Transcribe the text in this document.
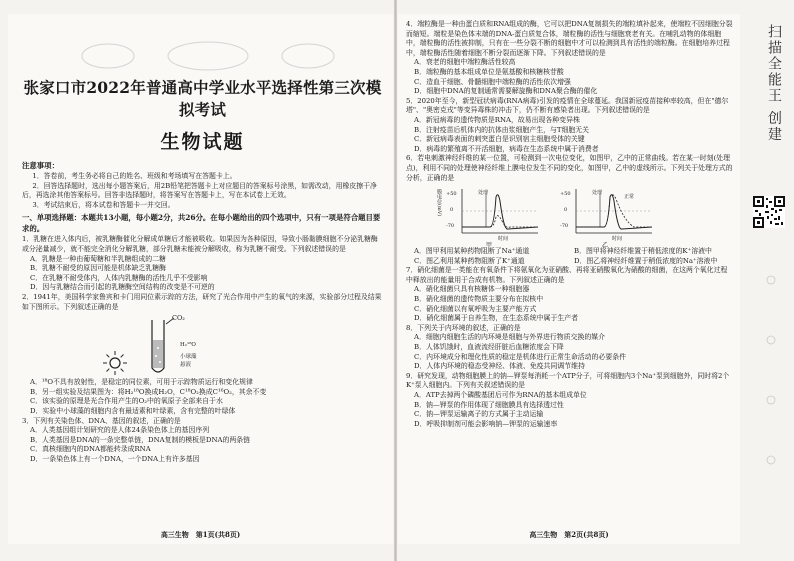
张家口市2022年普通高中学业水平选择性第三次模拟考试
生物试题
注意事项：

1．答卷前，考生务必将自己的姓名、班级和考场填写在答题卡上。

2．回答选择题时，选出每小题答案后，用2B铅笔把答题卡上对应题目的答案标号涂黑，如需改动，用橡皮擦干净后，再选涂其他答案标号。回答非选择题时，将答案写在答题卡上，写在本试卷上无效。

3．考试结束后，将本试卷和答题卡一并交回。

一、单项选择题：本题共13小题，每小题2分，共26分。在每小题给出的四个选项中，只有一项是符合题目要求的。

1．乳糖在进入体内后，被乳糖酶催化分解成单糖后才能被吸收。如果因为各种原因，导致小肠黏膜细胞不分泌乳糖酶或分泌量减少，就不能完全消化分解乳糖，部分乳糖未能被分解吸收，称为乳糖不耐受。下列叙述错误的是

A．乳糖是一种由葡萄糖和半乳糖组成的二糖

B．乳糖不耐受的原因可能是机体缺乏乳糖酶

C．在乳糖不耐受体内，人体内乳糖酶的活性几乎不受影响

D．因与乳糖结合而引起的乳糖酶空间结构的改变是不可逆的

2．1941年，美国科学家鲁宾和卡门用同位素示踪的方法，研究了光合作用中产生的氧气的来源，实验部分过程及结果如下图所示。下列叙述正确的是

CO₂
H₂¹⁸O
小球藻
悬液

A．¹⁸O不具有放射性，是稳定的同位素，可用于示踪物质运行和变化规律

B．另一组实验及结果图为：将H₂¹⁸O换成H₂O，C¹⁸O₂换成C¹⁶O₂，其余不变

C．该实验的原理是光合作用产生的O₂中的氧原子全部来自于水

D．实验中小球藻的细胞内含有最适素和叶绿素，含有完整的叶绿体

3．下列有关染色体、DNA、基因的叙述，正确的是

A．人类基因组计划研究的是人体24条染色体上的基因序列

B．人类基因是DNA的一条完整单链，DNA复制的模板是DNA的两条链

C．真核细胞内的DNA都能转录成RNA

D．一条染色体上有一个DNA，一个DNA上有许多基因

高三生物　第1页(共8页)

4．端粒酶是一种由蛋白质和RNA组成的酶，它可以把DNA复制损失的端粒填补起来，使端粒不因细胞分裂而缩短。端粒是染色体末端的DNA-蛋白质复合体，端粒酶的活性与细胞衰老有关。在哺乳动物的体细胞中，端粒酶的活性被抑制，只有在一些分裂不断的细胞中才可以检测到具有活性的端粒酶。在细胞培养过程中，端粒酶活性随着细胞不断分裂而逐渐下降。下列叙述错误的是

A．衰老的细胞中端粒酶活性较高

B．端粒酶的基本组成单位是氨基酸和核糖核苷酸

C．造血干细胞、骨髓细胞中端粒酶的活性依次增强

D．细胞中DNA的复制通常需要解旋酶和DNA聚合酶的催化

5．2020年至今，新型冠状病毒(RNA病毒)引发的疫情在全球蔓延。我国新冠疫苗接种率较高，但在"德尔塔"、"奥密克戎"等变异毒株的冲击下，仍不断有感染者出现。下列叙述错误的是

A．新冠病毒的遗传物质是RNA，故易出现各种变异株

B．注射疫苗后机体内的抗体由浆细胞产生，与T细胞无关

C．新冠病毒表面的刺突蛋白是识别宿主细胞受体的关键

D．病毒的繁殖离不开活细胞，病毒在生态系统中属于消费者

6．若电刺激神经纤维的某一位置，可检测到一次电位变化，如图甲，乙中的正常曲线。若在某一时刻(处理点)，利用不同的处理使神经纤维上膜电位发生不同的变化，如图甲，乙中的虚线所示。下列关于处理方式的分析，正确的是

膜电位(mV) +50
0
-70
处理
时间
甲
+50
0
-70
处理
正常
时间
乙
A．图甲利用某种药物阻断了Na⁺通道	B．图甲将神经纤维置于稍低浓度的K⁺溶液中
C．图乙利用某种药物阻断了K⁺通道	D．图乙将神经纤维置于稍低浓度的Na⁺溶液中

7．硝化细菌是一类能在有氧条件下将氨氧化为亚硝酸、再将亚硝酸氧化为硝酸的细菌，在这两个氧化过程中释放出的能量用于合成有机物。下列叙述正确的是

A．硝化细菌只具有核糖体一种细胞器

B．硝化细菌的遗传物质主要分布在拟核中

C．硝化细菌以有氧呼吸为主要产能方式

D．硝化细菌属于自养生物，在生态系统中属于生产者

8．下列关于内环境的叙述，正确的是

A．细胞内细胞生活的内环境是细胞与外界进行物质交换的媒介

B．人体饥饿时，血液流经肝脏后血糖浓度会下降

C．内环境成分和理化性质的稳定是机体进行正常生命活动的必要条件

D．人体内环境的稳态受神经、体液、免疫共同调节维持

9．研究发现，动物细胞膜上的钠—钾泵每消耗一个ATP分子，可将细胞内3个Na⁺泵到细胞外，同时将2个K⁺泵入细胞内。下列有关叙述错误的是

A．ATP去掉两个磷酸基团后可作为RNA的基本组成单位

B．钠—钾泵的作用体现了细胞膜具有选择透过性

C．钠—钾泵运输离子的方式属于主动运输

D．呼吸抑制剂可能会影响钠—钾泵的运输速率

高三生物　第2页(共8页)
扫描全能王 创建
